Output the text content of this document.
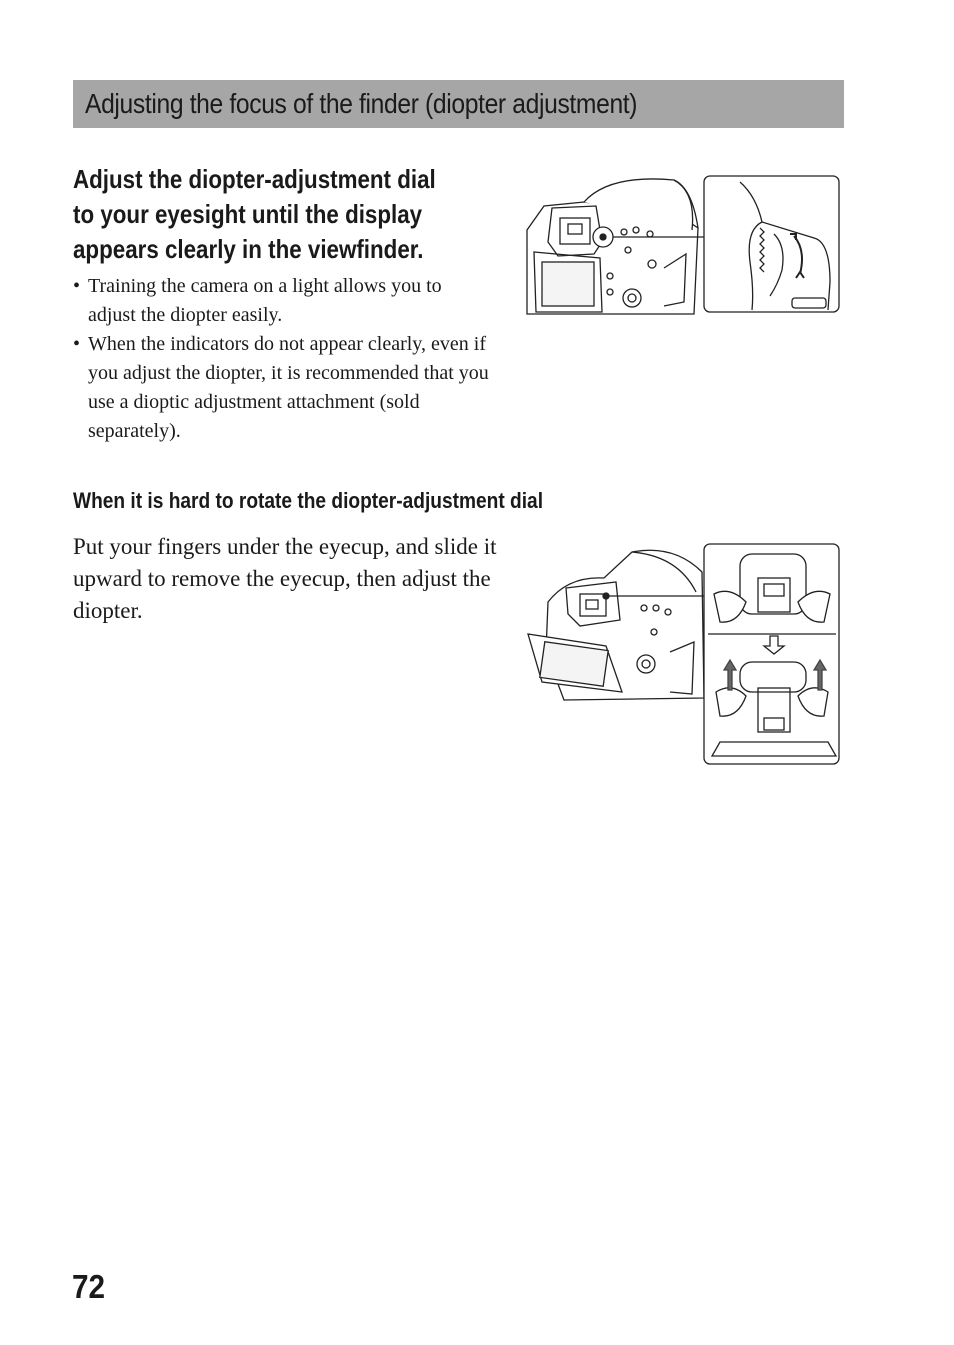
Adjusting the focus of the finder (diopter adjustment)
Adjust the diopter-adjustment dial
to your eyesight until the display
appears clearly in the viewfinder.
• Training the camera on a light allows you to adjust the diopter easily.
• When the indicators do not appear clearly, even if you adjust the diopter, it is recommended that you use a dioptic adjustment attachment (sold separately).
When it is hard to rotate the diopter-adjustment dial

Put your fingers under the eyecup, and slide it upward to remove the eyecup, then adjust the diopter.

72
